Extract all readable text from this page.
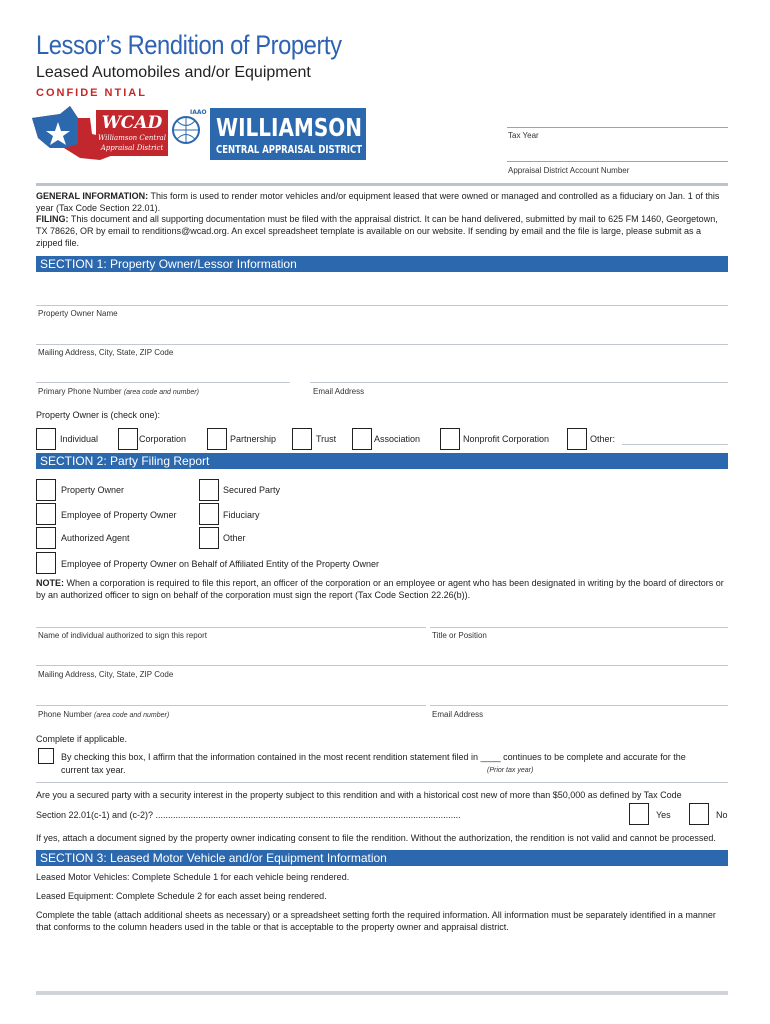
Lessor’s Rendition of Property
Leased Automobiles and/or Equipment
CONFIDE NTIAL
WCAD
Williamson Central
Appraisal District
IAAO
WILLIAMSON
CENTRAL APPRAISAL DISTRICT
Tax Year
Appraisal District Account Number
GENERAL INFORMATION: This form is used to render motor vehicles and/or equipment leased that were owned or managed and controlled as a fiduciary on Jan. 1 of this year (Tax Code Section 22.01).
FILING: This document and all supporting documentation must be filed with the appraisal district. It can be hand delivered, submitted by mail to 625 FM 1460, Georgetown, TX 78626, OR by email to renditions@wcad.org. An excel spreadsheet template is available on our website. If sending by email and the file is large, please submit as a zipped file.
SECTION 1: Property Owner/Lessor Information
Property Owner Name
Mailing Address, City, State, ZIP Code
Primary Phone Number (area code and number)	Email Address
Property Owner is (check one):
Individual	Corporation	Partnership	Trust	Association	Nonprofit Corporation	Other:
SECTION 2: Party Filing Report
Property Owner	Secured Party
Employee of Property Owner	Fiduciary
Authorized Agent	Other
Employee of Property Owner on Behalf of Affiliated Entity of the Property Owner
NOTE: When a corporation is required to file this report, an officer of the corporation or an employee or agent who has been designated in writing by the board of directors or by an authorized officer to sign on behalf of the corporation must sign the report (Tax Code Section 22.26(b)).
Name of individual authorized to sign this report	Title or Position
Mailing Address, City, State, ZIP Code
Phone Number (area code and number)	Email Address
Complete if applicable.
By checking this box, I affirm that the information contained in the most recent rendition statement filed in ____ continues to be complete and accurate for the
current tax year.	(Prior tax year)
Are you a secured party with a security interest in the property subject to this rendition and with a historical cost new of more than $50,000 as defined by Tax Code
Section 22.01(c-1) and (c-2)? ..........................................................................................................................	Yes	No
If yes, attach a document signed by the property owner indicating consent to file the rendition. Without the authorization, the rendition is not valid and cannot be processed.
SECTION 3: Leased Motor Vehicle and/or Equipment Information
Leased Motor Vehicles: Complete Schedule 1 for each vehicle being rendered.
Leased Equipment: Complete Schedule 2 for each asset being rendered.
Complete the table (attach additional sheets as necessary) or a spreadsheet setting forth the required information. All information must be separately identified in a manner that conforms to the column headers used in the table or that is acceptable to the property owner and appraisal district.
